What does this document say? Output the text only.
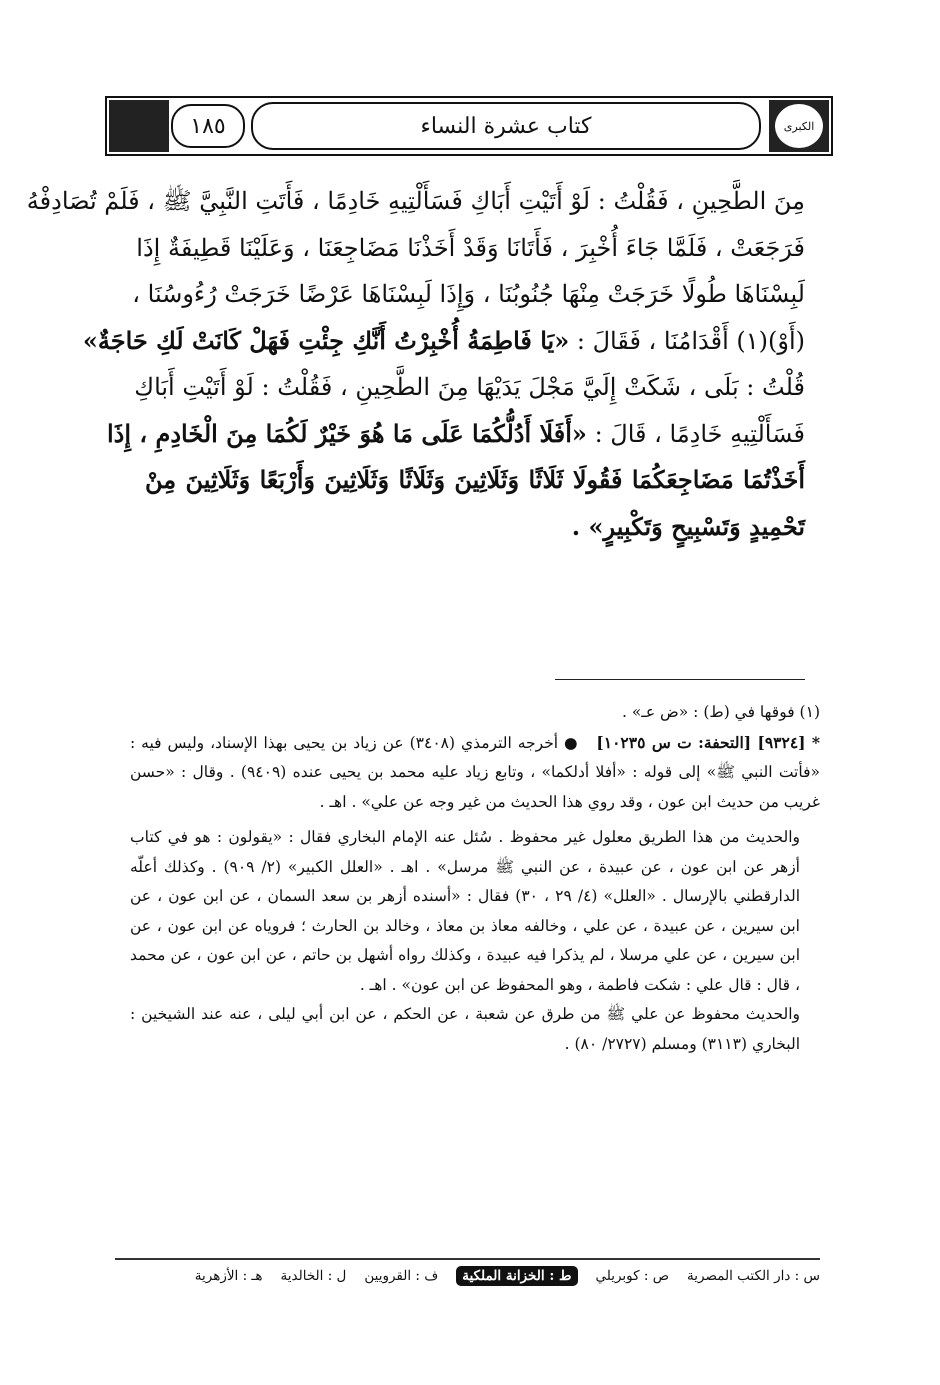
الكبرى
كتاب عشرة النساء
١٨٥
مِنَ الطَّحِينِ ، فَقُلْتُ : لَوْ أَتَيْتِ أَبَاكِ فَسَأَلْتِيهِ خَادِمًا ، فَأَتَتِ النَّبِيَّ ﷺ ، فَلَمْ تُصَادِفْهُ
فَرَجَعَتْ ، فَلَمَّا جَاءَ أُخْبِرَ ، فَأَتَانَا وَقَدْ أَخَذْنَا مَضَاجِعَنَا ، وَعَلَيْنَا قَطِيفَةٌ إِذَا
لَبِسْنَاهَا طُولًا خَرَجَتْ مِنْهَا جُنُوبُنَا ، وَإِذَا لَبِسْنَاهَا عَرْضًا خَرَجَتْ رُءُوسُنَا ،
(أَوْ)(١) أَقْدَامُنَا ، فَقَالَ : «يَا فَاطِمَةُ أُخْبِرْتُ أَنَّكِ جِئْتِ فَهَلْ كَانَتْ لَكِ حَاجَةٌ»
قُلْتُ : بَلَى ، شَكَتْ إِلَيَّ مَجْلَ يَدَيْهَا مِنَ الطَّحِينِ ، فَقُلْتُ : لَوْ أَتَيْتِ أَبَاكِ
فَسَأَلْتِيهِ خَادِمًا ، قَالَ : «أَفَلَا أَدُلُّكُمَا عَلَى مَا هُوَ خَيْرٌ لَكُمَا مِنَ الْخَادِمِ ، إِذَا
أَخَذْتُمَا مَضَاجِعَكُمَا فَقُولَا ثَلَاثًا وَثَلَاثِينَ وَثَلَاثًا وَثَلَاثِينَ وَأَرْبَعًا وَثَلَاثِينَ مِنْ
تَحْمِيدٍ وَتَسْبِيحٍ وَتَكْبِيرٍ» .

(١) فوقها في (ط) : «ض عـ» .

* [٩٣٢٤] [التحفة: ت س ١٠٢٣٥]   ● أخرجه الترمذي (٣٤٠٨) عن زياد بن يحيى بهذا الإسناد، وليس فيه : «فأتت النبي ﷺ» إلى قوله : «أفلا أدلكما» ، وتابع زياد عليه محمد بن يحيى عنده (٩٤٠٩) . وقال : «حسن غريب من حديث ابن عون ، وقد روي هذا الحديث من غير وجه عن علي» . اهـ .

والحديث من هذا الطريق معلول غير محفوظ . سُئل عنه الإمام البخاري فقال : «يقولون : هو في كتاب أزهر عن ابن عون ، عن عبيدة ، عن النبي ﷺ مرسل» . اهـ . «العلل الكبير» (٢/ ٩٠٩) . وكذلك أعلّه الدارقطني بالإرسال . «العلل» (٤/ ٢٩ ، ٣٠) فقال : «أسنده أزهر بن سعد السمان ، عن ابن عون ، عن ابن سيرين ، عن عبيدة ، عن علي ، وخالفه معاذ بن معاذ ، وخالد بن الحارث ؛ فروياه عن ابن عون ، عن ابن سيرين ، عن علي مرسلا ، لم يذكرا فيه عبيدة ، وكذلك رواه أشهل بن حاتم ، عن ابن عون ، عن محمد ، قال : قال علي : شكت فاطمة ، وهو المحفوظ عن ابن عون» . اهـ .

والحديث محفوظ عن علي ﷺ من طرق عن شعبة ، عن الحكم ، عن ابن أبي ليلى ، عنه عند الشيخين : البخاري (٣١١٣) ومسلم (٢٧٢٧/ ٨٠) .

س : دار الكتب المصرية
ص : كوبريلي
ط : الخزانة الملكية
ف : القرويين
ل : الخالدية
هـ : الأزهرية
